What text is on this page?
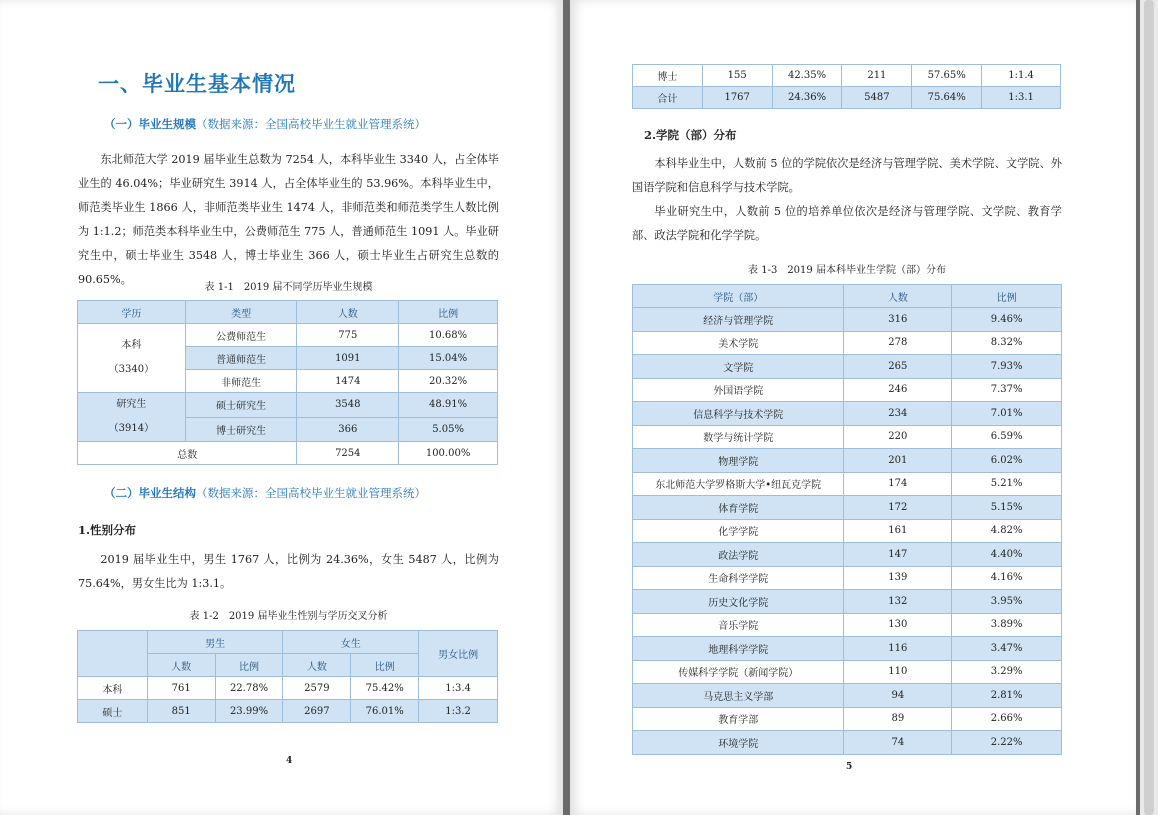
一、毕业生基本情况
（一）毕业生规模（数据来源：全国高校毕业生就业管理系统）

东北师范大学 2019 届毕业生总数为 7254 人，本科毕业生 3340 人，占全体毕业生的 46.04%；毕业研究生 3914 人，占全体毕业生的 53.96%。本科毕业生中，师范类毕业生 1866 人，非师范类毕业生 1474 人，非师范类和师范类学生人数比例为 1:1.2；师范类本科毕业生中，公费师范生 775 人，普通师范生 1091 人。毕业研究生中，硕士毕业生 3548 人，博士毕业生 366 人，硕士毕业生占研究生总数的 90.65%。

表 1-1　2019 届不同学历毕业生规模
学历	类型	人数	比例

本科
（3340）	公费师范生	775	10.68%
	普通师范生	1091	15.04%
	非师范生	1474	20.32%

研究生
（3914）	硕士研究生	3548	48.91%
	博士研究生	366	5.05%
总数		7254	100.00%
（二）毕业生结构（数据来源：全国高校毕业生就业管理系统）
1.性别分布

2019 届毕业生中，男生 1767 人，比例为 24.36%，女生 5487 人，比例为 75.64%，男女生比为 1:3.1。

表 1-2　2019 届毕业生性别与学历交叉分析
	男生		女生		男女比例
	人数	比例	人数	比例	
本科	761	22.78%	2579	75.42%	1:3.4
硕士	851	23.99%	2697	76.01%	1:3.2
4
博士	155	42.35%	211	57.65%	1:1.4
合计	1767	24.36%	5487	75.64%	1:3.1
2.学院（部）分布

本科毕业生中，人数前 5 位的学院依次是经济与管理学院、美术学院、文学院、外国语学院和信息科学与技术学院。

毕业研究生中，人数前 5 位的培养单位依次是经济与管理学院、文学院、教育学部、政法学院和化学学院。

表 1-3　2019 届本科毕业生学院（部）分布
学院（部）	人数	比例
经济与管理学院	316	9.46%
美术学院	278	8.32%
文学院	265	7.93%
外国语学院	246	7.37%
信息科学与技术学院	234	7.01%
数学与统计学院	220	6.59%
物理学院	201	6.02%
东北师范大学罗格斯大学•纽瓦克学院	174	5.21%
体育学院	172	5.15%
化学学院	161	4.82%
政法学院	147	4.40%
生命科学学院	139	4.16%
历史文化学院	132	3.95%
音乐学院	130	3.89%
地理科学学院	116	3.47%
传媒科学学院（新闻学院）	110	3.29%
马克思主义学部	94	2.81%
教育学部	89	2.66%
环境学院	74	2.22%
5
